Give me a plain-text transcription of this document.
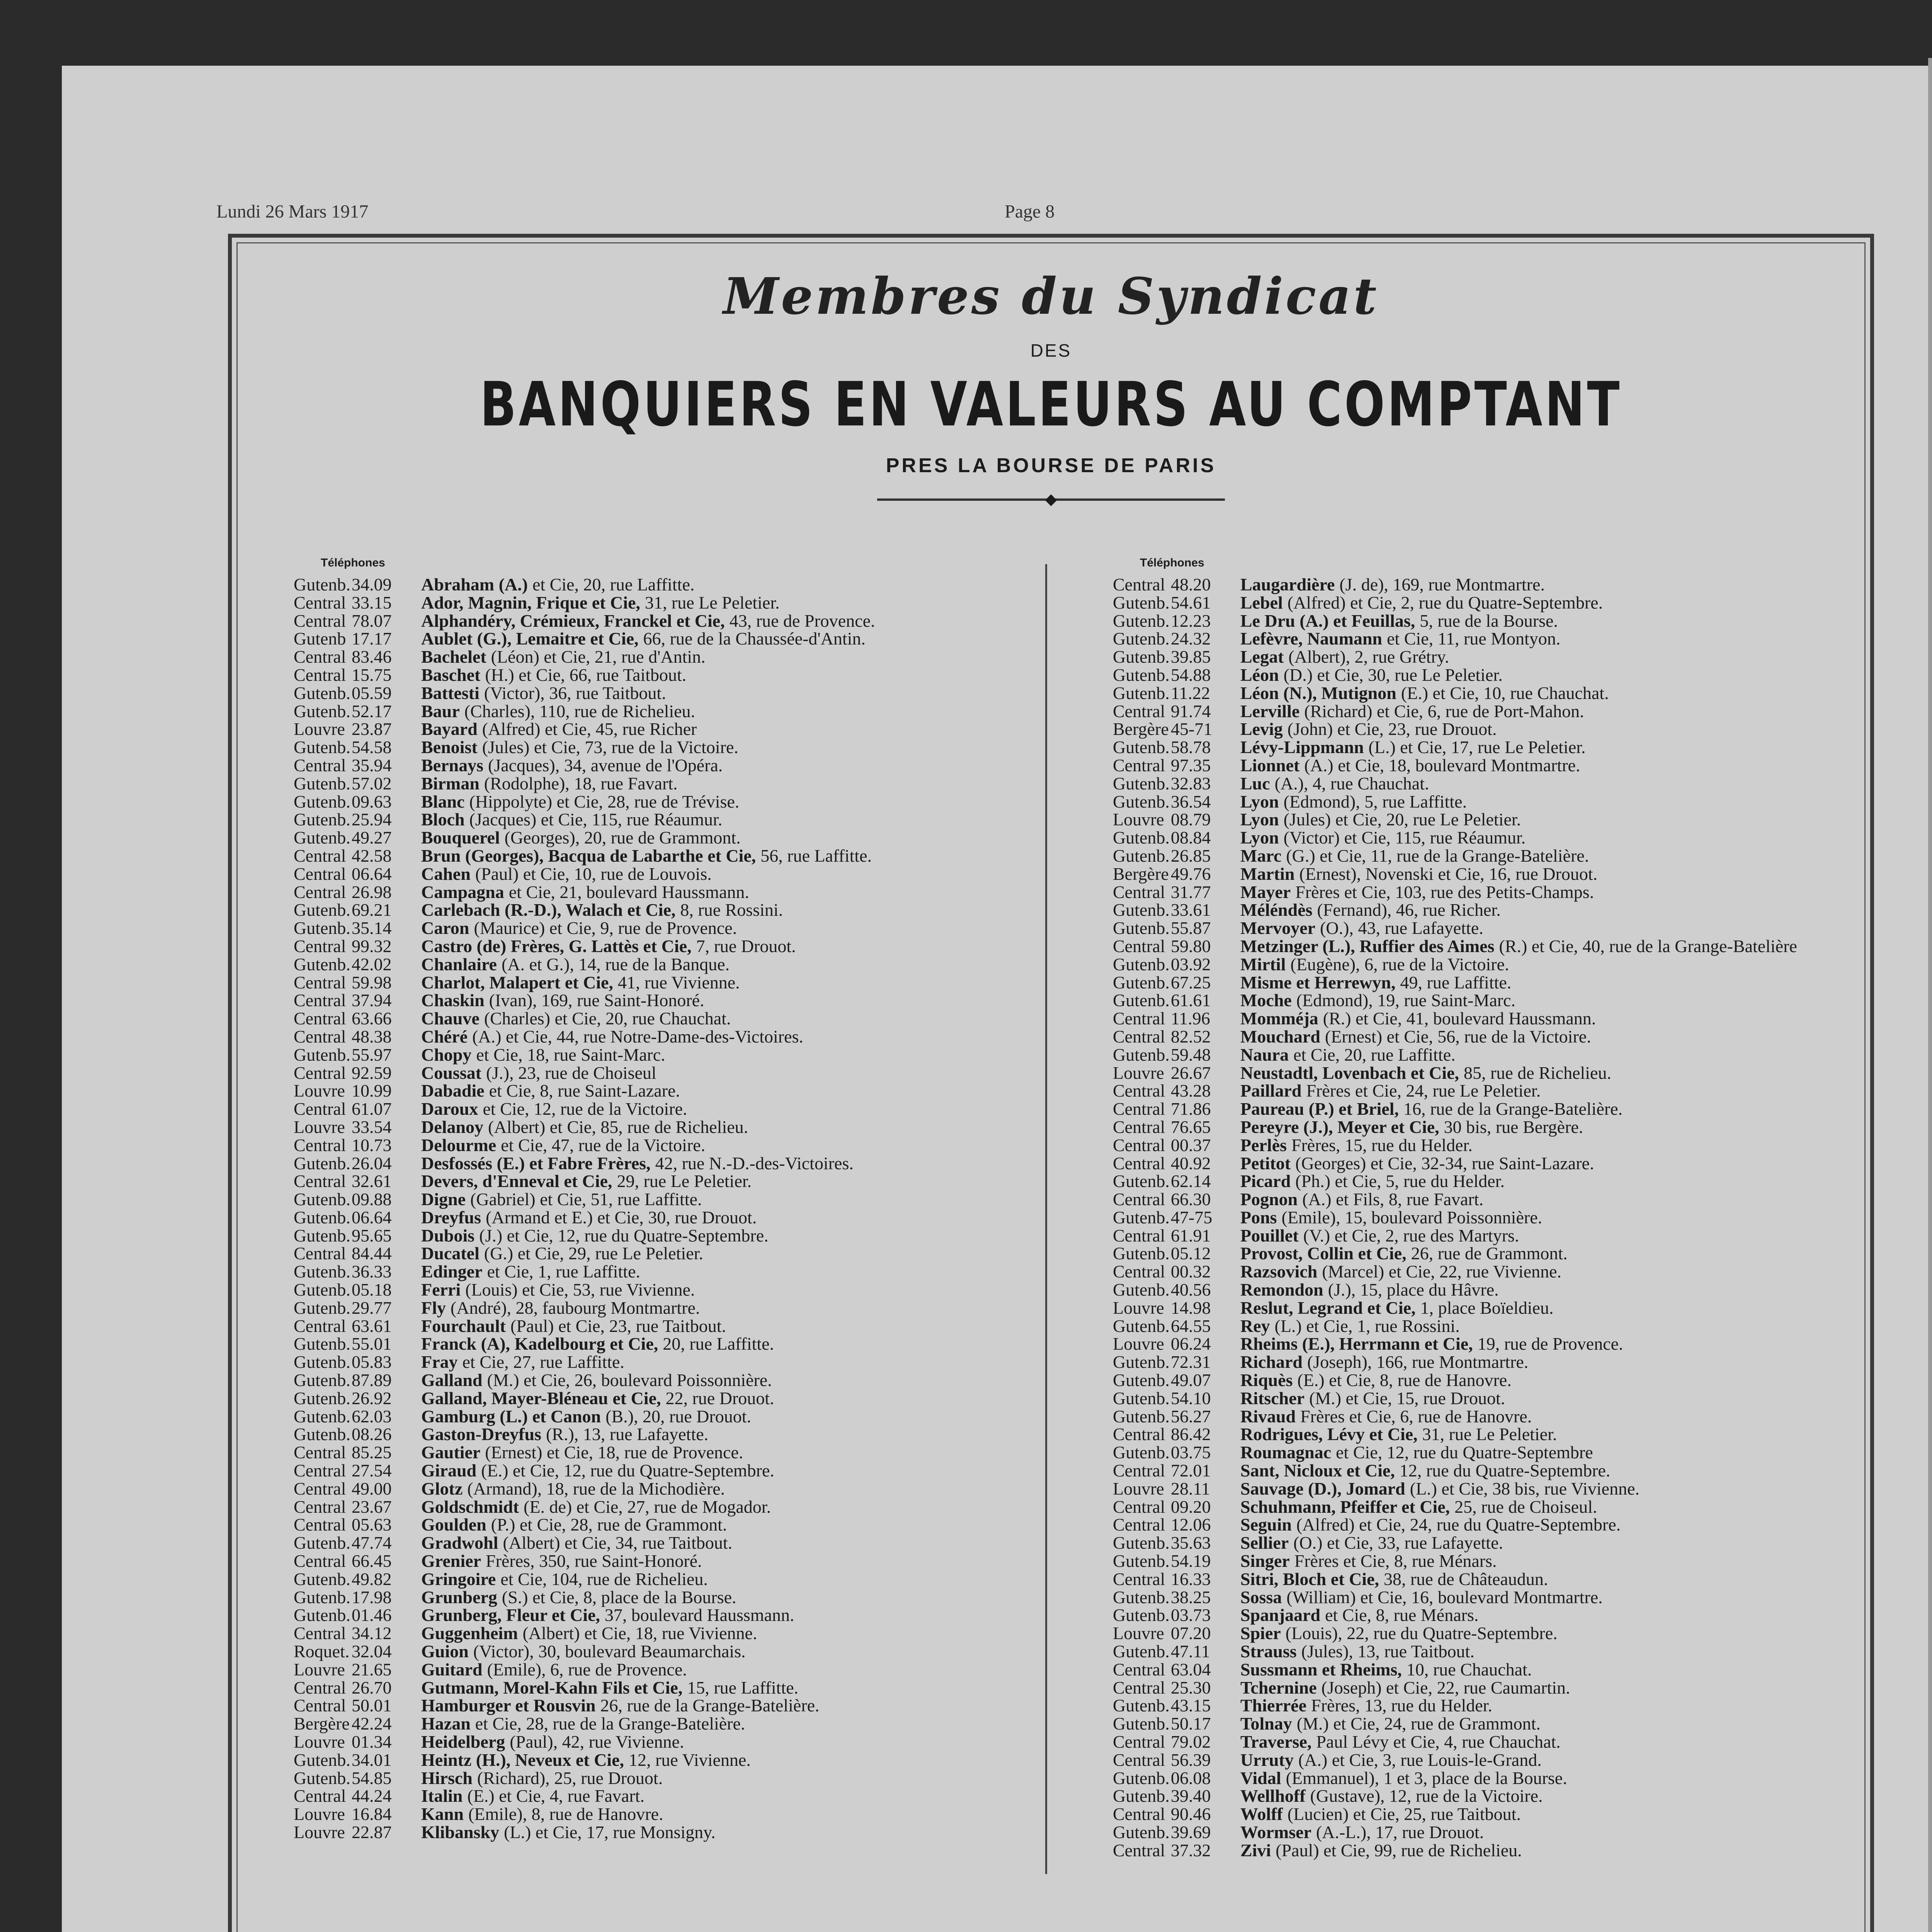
Lundi 26 Mars 1917	Page 8
Membres du Syndicat
DES
BANQUIERS EN VALEURS AU COMPTANT
PRES LA BOURSE DE PARIS
◆
Téléphones	Téléphones
Gutenb. 34.09	Abraham (A.) et Cie, 20, rue Laffitte.
Central 33.15	Ador, Magnin, Frique et Cie, 31, rue Le Peletier.
Central 78.07	Alphandéry, Crémieux, Franckel et Cie, 43, rue de Provence.
Gutenb 17.17	Aublet (G.), Lemaitre et Cie, 66, rue de la Chaussée-d'Antin.
Central 83.46	Bachelet (Léon) et Cie, 21, rue d'Antin.
Central 15.75	Baschet (H.) et Cie, 66, rue Taitbout.
Gutenb. 05.59	Battesti (Victor), 36, rue Taitbout.
Gutenb. 52.17	Baur (Charles), 110, rue de Richelieu.
Louvre 23.87	Bayard (Alfred) et Cie, 45, rue Richer
Gutenb. 54.58	Benoist (Jules) et Cie, 73, rue de la Victoire.
Central 35.94	Bernays (Jacques), 34, avenue de l'Opéra.
Gutenb. 57.02	Birman (Rodolphe), 18, rue Favart.
Gutenb. 09.63	Blanc (Hippolyte) et Cie, 28, rue de Trévise.
Gutenb. 25.94	Bloch (Jacques) et Cie, 115, rue Réaumur.
Gutenb. 49.27	Bouquerel (Georges), 20, rue de Grammont.
Central 42.58	Brun (Georges), Bacqua de Labarthe et Cie, 56, rue Laffitte.
Central 06.64	Cahen (Paul) et Cie, 10, rue de Louvois.
Central 26.98	Campagna et Cie, 21, boulevard Haussmann.
Gutenb. 69.21	Carlebach (R.-D.), Walach et Cie, 8, rue Rossini.
Gutenb. 35.14	Caron (Maurice) et Cie, 9, rue de Provence.
Central 99.32	Castro (de) Frères, G. Lattès et Cie, 7, rue Drouot.
Gutenb. 42.02	Chanlaire (A. et G.), 14, rue de la Banque.
Central 59.98	Charlot, Malapert et Cie, 41, rue Vivienne.
Central 37.94	Chaskin (Ivan), 169, rue Saint-Honoré.
Central 63.66	Chauve (Charles) et Cie, 20, rue Chauchat.
Central 48.38	Chéré (A.) et Cie, 44, rue Notre-Dame-des-Victoires.
Gutenb. 55.97	Chopy et Cie, 18, rue Saint-Marc.
Central 92.59	Coussat (J.), 23, rue de Choiseul
Louvre 10.99	Dabadie et Cie, 8, rue Saint-Lazare.
Central 61.07	Daroux et Cie, 12, rue de la Victoire.
Louvre 33.54	Delanoy (Albert) et Cie, 85, rue de Richelieu.
Central 10.73	Delourme et Cie, 47, rue de la Victoire.
Gutenb. 26.04	Desfossés (E.) et Fabre Frères, 42, rue N.-D.-des-Victoires.
Central 32.61	Devers, d'Enneval et Cie, 29, rue Le Peletier.
Gutenb. 09.88	Digne (Gabriel) et Cie, 51, rue Laffitte.
Gutenb. 06.64	Dreyfus (Armand et E.) et Cie, 30, rue Drouot.
Gutenb. 95.65	Dubois (J.) et Cie, 12, rue du Quatre-Septembre.
Central 84.44	Ducatel (G.) et Cie, 29, rue Le Peletier.
Gutenb. 36.33	Edinger et Cie, 1, rue Laffitte.
Gutenb. 05.18	Ferri (Louis) et Cie, 53, rue Vivienne.
Gutenb. 29.77	Fly (André), 28, faubourg Montmartre.
Central 63.61	Fourchault (Paul) et Cie, 23, rue Taitbout.
Gutenb. 55.01	Franck (A), Kadelbourg et Cie, 20, rue Laffitte.
Gutenb. 05.83	Fray et Cie, 27, rue Laffitte.
Gutenb. 87.89	Galland (M.) et Cie, 26, boulevard Poissonnière.
Gutenb. 26.92	Galland, Mayer-Bléneau et Cie, 22, rue Drouot.
Gutenb. 62.03	Gamburg (L.) et Canon (B.), 20, rue Drouot.
Gutenb. 08.26	Gaston-Dreyfus (R.), 13, rue Lafayette.
Central 85.25	Gautier (Ernest) et Cie, 18, rue de Provence.
Central 27.54	Giraud (E.) et Cie, 12, rue du Quatre-Septembre.
Central 49.00	Glotz (Armand), 18, rue de la Michodière.
Central 23.67	Goldschmidt (E. de) et Cie, 27, rue de Mogador.
Central 05.63	Goulden (P.) et Cie, 28, rue de Grammont.
Gutenb. 47.74	Gradwohl (Albert) et Cie, 34, rue Taitbout.
Central 66.45	Grenier Frères, 350, rue Saint-Honoré.
Gutenb. 49.82	Gringoire et Cie, 104, rue de Richelieu.
Gutenb. 17.98	Grunberg (S.) et Cie, 8, place de la Bourse.
Gutenb. 01.46	Grunberg, Fleur et Cie, 37, boulevard Haussmann.
Central 34.12	Guggenheim (Albert) et Cie, 18, rue Vivienne.
Roquet. 32.04	Guion (Victor), 30, boulevard Beaumarchais.
Louvre 21.65	Guitard (Emile), 6, rue de Provence.
Central 26.70	Gutmann, Morel-Kahn Fils et Cie, 15, rue Laffitte.
Central 50.01	Hamburger et Rousvin 26, rue de la Grange-Batelière.
Bergère 42.24	Hazan et Cie, 28, rue de la Grange-Batelière.
Louvre 01.34	Heidelberg (Paul), 42, rue Vivienne.
Gutenb. 34.01	Heintz (H.), Neveux et Cie, 12, rue Vivienne.
Gutenb. 54.85	Hirsch (Richard), 25, rue Drouot.
Central 44.24	Italin (E.) et Cie, 4, rue Favart.
Louvre 16.84	Kann (Emile), 8, rue de Hanovre.
Louvre 22.87	Klibansky (L.) et Cie, 17, rue Monsigny.
Central 48.20	Laugardière (J. de), 169, rue Montmartre.
Gutenb. 54.61	Lebel (Alfred) et Cie, 2, rue du Quatre-Septembre.
Gutenb. 12.23	Le Dru (A.) et Feuillas, 5, rue de la Bourse.
Gutenb. 24.32	Lefèvre, Naumann et Cie, 11, rue Montyon.
Gutenb. 39.85	Legat (Albert), 2, rue Grétry.
Gutenb. 54.88	Léon (D.) et Cie, 30, rue Le Peletier.
Gutenb. 11.22	Léon (N.), Mutignon (E.) et Cie, 10, rue Chauchat.
Central 91.74	Lerville (Richard) et Cie, 6, rue de Port-Mahon.
Bergère 45-71	Levig (John) et Cie, 23, rue Drouot.
Gutenb. 58.78	Lévy-Lippmann (L.) et Cie, 17, rue Le Peletier.
Central 97.35	Lionnet (A.) et Cie, 18, boulevard Montmartre.
Gutenb. 32.83	Luc (A.), 4, rue Chauchat.
Gutenb. 36.54	Lyon (Edmond), 5, rue Laffitte.
Louvre 08.79	Lyon (Jules) et Cie, 20, rue Le Peletier.
Gutenb. 08.84	Lyon (Victor) et Cie, 115, rue Réaumur.
Gutenb. 26.85	Marc (G.) et Cie, 11, rue de la Grange-Batelière.
Bergère 49.76	Martin (Ernest), Novenski et Cie, 16, rue Drouot.
Central 31.77	Mayer Frères et Cie, 103, rue des Petits-Champs.
Gutenb. 33.61	Méléndès (Fernand), 46, rue Richer.
Gutenb. 55.87	Mervoyer (O.), 43, rue Lafayette.
Central 59.80	Metzinger (L.), Ruffier des Aimes (R.) et Cie, 40, rue de la Grange-Batelière
Gutenb. 03.92	Mirtil (Eugène), 6, rue de la Victoire.
Gutenb. 67.25	Misme et Herrewyn, 49, rue Laffitte.
Gutenb. 61.61	Moche (Edmond), 19, rue Saint-Marc.
Central 11.96	Momméja (R.) et Cie, 41, boulevard Haussmann.
Central 82.52	Mouchard (Ernest) et Cie, 56, rue de la Victoire.
Gutenb. 59.48	Naura et Cie, 20, rue Laffitte.
Louvre 26.67	Neustadtl, Lovenbach et Cie, 85, rue de Richelieu.
Central 43.28	Paillard Frères et Cie, 24, rue Le Peletier.
Central 71.86	Paureau (P.) et Briel, 16, rue de la Grange-Batelière.
Central 76.65	Pereyre (J.), Meyer et Cie, 30 bis, rue Bergère.
Central 00.37	Perlès Frères, 15, rue du Helder.
Central 40.92	Petitot (Georges) et Cie, 32-34, rue Saint-Lazare.
Gutenb. 62.14	Picard (Ph.) et Cie, 5, rue du Helder.
Central 66.30	Pognon (A.) et Fils, 8, rue Favart.
Gutenb. 47-75	Pons (Emile), 15, boulevard Poissonnière.
Central 61.91	Pouillet (V.) et Cie, 2, rue des Martyrs.
Gutenb. 05.12	Provost, Collin et Cie, 26, rue de Grammont.
Central 00.32	Razsovich (Marcel) et Cie, 22, rue Vivienne.
Gutenb. 40.56	Remondon (J.), 15, place du Hâvre.
Louvre 14.98	Reslut, Legrand et Cie, 1, place Boïeldieu.
Gutenb. 64.55	Rey (L.) et Cie, 1, rue Rossini.
Louvre 06.24	Rheims (E.), Herrmann et Cie, 19, rue de Provence.
Gutenb. 72.31	Richard (Joseph), 166, rue Montmartre.
Gutenb. 49.07	Riquès (E.) et Cie, 8, rue de Hanovre.
Gutenb. 54.10	Ritscher (M.) et Cie, 15, rue Drouot.
Gutenb. 56.27	Rivaud Frères et Cie, 6, rue de Hanovre.
Central 86.42	Rodrigues, Lévy et Cie, 31, rue Le Peletier.
Gutenb. 03.75	Roumagnac et Cie, 12, rue du Quatre-Septembre
Central 72.01	Sant, Nicloux et Cie, 12, rue du Quatre-Septembre.
Louvre 28.11	Sauvage (D.), Jomard (L.) et Cie, 38 bis, rue Vivienne.
Central 09.20	Schuhmann, Pfeiffer et Cie, 25, rue de Choiseul.
Central 12.06	Seguin (Alfred) et Cie, 24, rue du Quatre-Septembre.
Gutenb. 35.63	Sellier (O.) et Cie, 33, rue Lafayette.
Gutenb. 54.19	Singer Frères et Cie, 8, rue Ménars.
Central 16.33	Sitri, Bloch et Cie, 38, rue de Châteaudun.
Gutenb. 38.25	Sossa (William) et Cie, 16, boulevard Montmartre.
Gutenb. 03.73	Spanjaard et Cie, 8, rue Ménars.
Louvre 07.20	Spier (Louis), 22, rue du Quatre-Septembre.
Gutenb. 47.11	Strauss (Jules), 13, rue Taitbout.
Central 63.04	Sussmann et Rheims, 10, rue Chauchat.
Central 25.30	Tchernine (Joseph) et Cie, 22, rue Caumartin.
Gutenb. 43.15	Thierrée Frères, 13, rue du Helder.
Gutenb. 50.17	Tolnay (M.) et Cie, 24, rue de Grammont.
Central 79.02	Traverse, Paul Lévy et Cie, 4, rue Chauchat.
Central 56.39	Urruty (A.) et Cie, 3, rue Louis-le-Grand.
Gutenb. 06.08	Vidal (Emmanuel), 1 et 3, place de la Bourse.
Gutenb. 39.40	Wellhoff (Gustave), 12, rue de la Victoire.
Central 90.46	Wolff (Lucien) et Cie, 25, rue Taitbout.
Gutenb. 39.69	Wormser (A.-L.), 17, rue Drouot.
Central 37.32	Zivi (Paul) et Cie, 99, rue de Richelieu.
